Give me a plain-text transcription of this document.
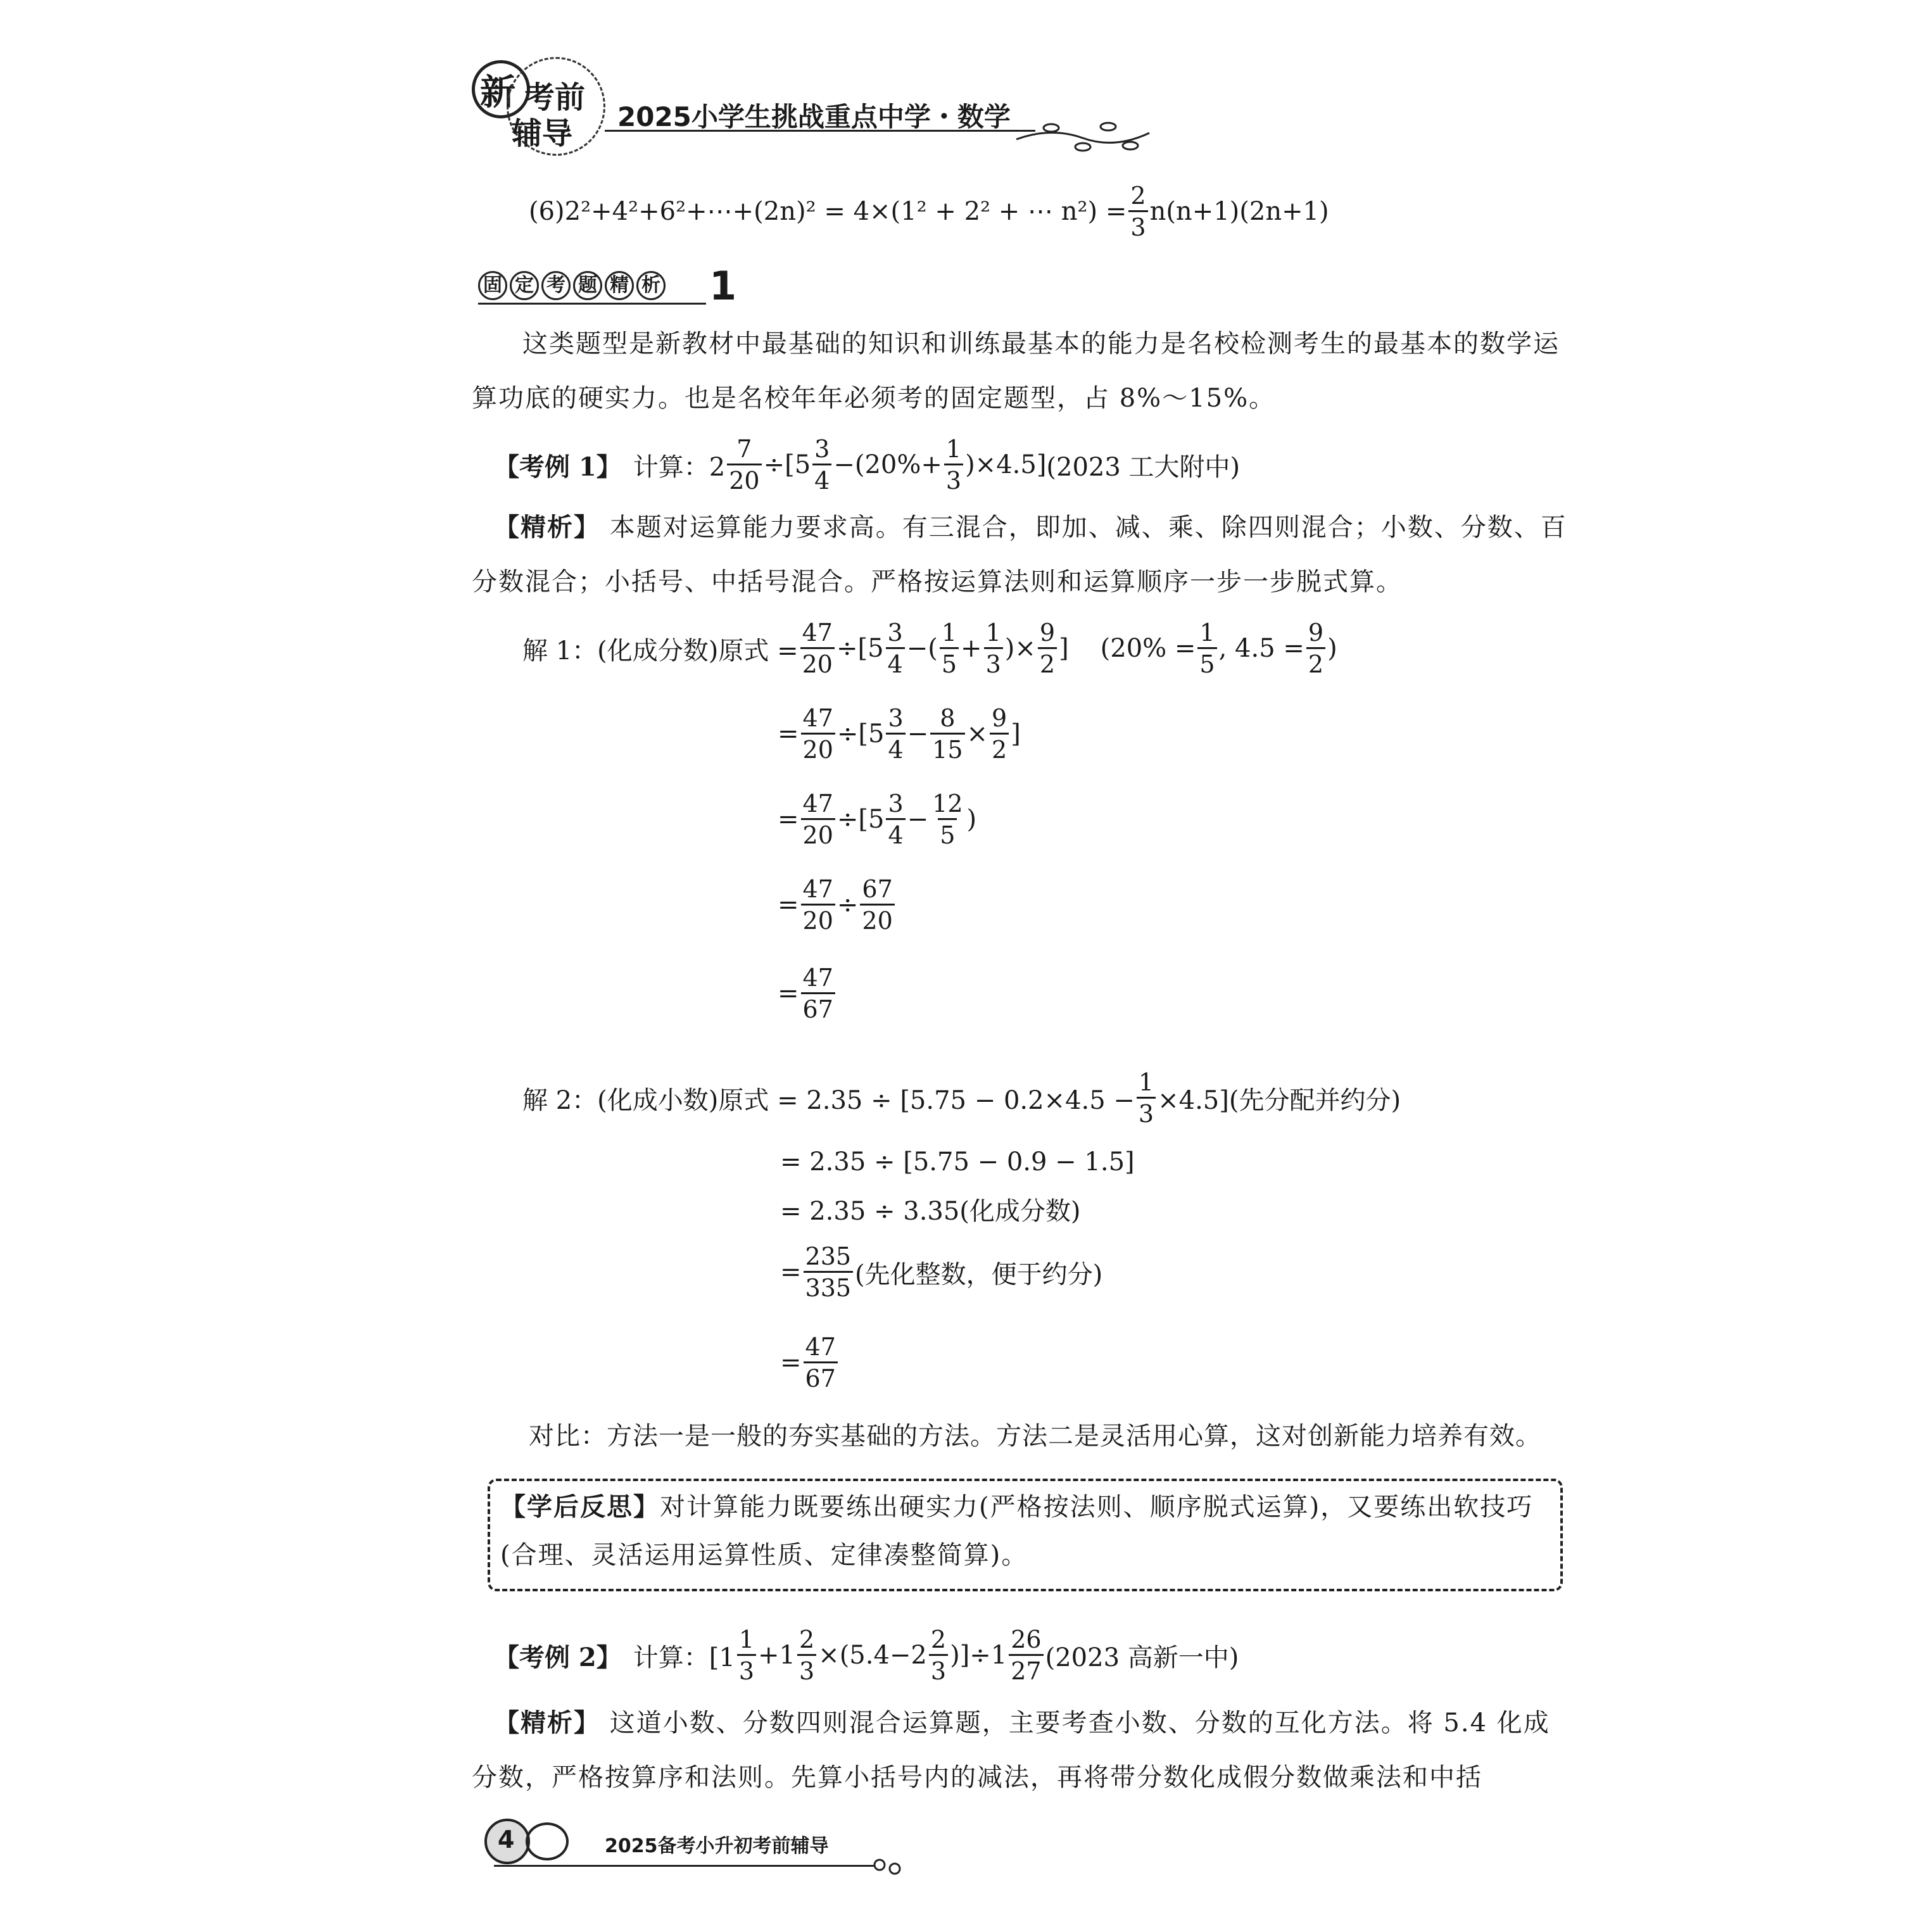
新 考前
辅导 2025小学生挑战重点中学・数学
(6)2 ²+4²+6²+⋯+(2n)² = 4×(1² + 2² + ⋯ $n^2) = \frac{2}{3} n(n+1)(2n+1)$
固 定 考 题 精 析 1
这类题型是新教材中最基础的知识和训练最基本的能力是名校检测考生的最基本的数学运算功底的硬实力。也是名校年年必须考的固定题型，占 8%～15%。
【考例 1】 计算：$2 \frac{7}{20} \div[5 \frac{3}{4} -(20\%+ \frac{1}{3} )\times 4.5]$ (2023 工大附中)
【精析】 本题对运算能力要求高。有三混合，即加、减、乘、除四则混合；小数、分数、百分数混合；小括号、中括号混合。严格按运算法则和运算顺序一步一步脱式算。
解 1：(化成分数)原式 = $\frac{47}{20} \div[5 \frac{3}{4}$ −( $\frac{1}{5} + \frac{1}{3}$ )× $\frac{9}{2}$ ] ($20\% = \frac{1}{5}$ , $4.5 = \frac{9}{2}$ )
= $\frac{47}{20} \div[5 \frac{3}{4} - \frac{8}{15} \times \frac{9}{2}$ ]
= $\frac{47}{20} \div[5 \frac{3}{4} - \frac{12}{5}$ )
= $\frac{47}{20} \div \frac{67}{20}$
= $\frac{47}{67}$
解 2：(化成小数)原式 = $2.35 \div [5.75 - 0.2\times 4.5 - \frac{1}{3} \times 4.5]$(先分配并约分)
= 2.35 ÷ [5.75 − 0.9 − 1.5]
= 2.35 ÷ 3.35(化成分数)
= $\frac{235}{335}$ (先化整数，便于约分)
= $\frac{47}{67}$
对比：方法一是一般的夯实基础的方法。方法二是灵活用心算，这对创新能力培养有效。
【学后反思】对计算能力既要练出硬实力(严格按法则、顺序脱式运算)，又要练出软技巧(合理、灵活运用运算性质、定律凑整简算)。
【考例 2】 计算：$[1 \frac{1}{3} +1 \frac{2}{3} \times(5.4-2 \frac{2}{3} )]\div 1 \frac{26}{27} (2023$ 高新一中)
【精析】 这道小数、分数四则混合运算题，主要考查小数、分数的互化方法。将 5.4 化成分数，严格按算序和法则。先算小括号内的减法，再将带分数化成假分数做乘法和中括
4	2025备考小升初考前辅导
